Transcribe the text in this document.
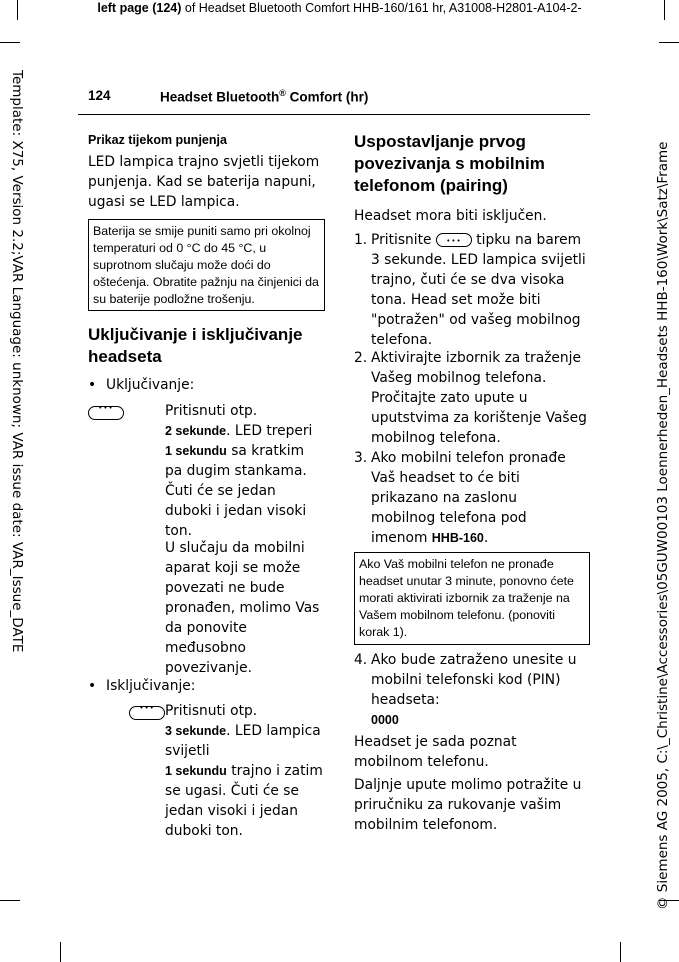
left page (124) of Headset Bluetooth Comfort HHB-160/161 hr, A31008-H2801-A104-2-
Template: X75, Version 2.2;VAR Language: unknown; VAR issue date: VAR_Issue_DATE	© Siemens AG 2005, C:\_Christine\Accessories\05GUW00103 Loennerheden_Headsets HHB-160\Work\Satz\Frame
124	Headset Bluetooth® Comfort (hr)
Prikaz tijekom punjenja
LED lampica trajno svjetli tijekom punjenja. Kad se baterija napuni, ugasi se LED lampica.
Baterija se smije puniti samo pri okolnoj temperaturi od 0 °C do 45 °C, u suprotnom slučaju može doći do oštećenja. Obratite pažnju na činjenici da su baterije podložne trošenju.
Uključivanje i isključivanje headseta
• Uključivanje:
•••
Pritisnuti otp.
2 sekunde. LED treperi
1 sekundu sa kratkim pa dugim stankama. Čuti će se jedan duboki i jedan visoki ton.
U slučaju da mobilni aparat koji se može povezati ne bude pronađen, molimo Vas da ponovite međusobno povezivanje.
• Isključivanje:
•••
Pritisnuti otp.
3 sekunde. LED lampica svijetli
1 sekundu trajno i zatim se ugasi. Čuti će se jedan visoki i jedan duboki ton.
Uspostavljanje prvog povezivanja s mobilnim telefonom (pairing)
Headset mora biti isključen.
1. Pritisnite •••	tipku na barem 3 sekunde. LED lampica svijetli trajno, čuti će se dva visoka tona. Head set može biti "potražen" od vašeg mobilnog telefona.
2. Aktivirajte izbornik za traženje Vašeg mobilnog telefona. Pročitajte zato upute u uputstvima za korištenje Vašeg mobilnog telefona.
3. Ako mobilni telefon pronađe Vaš headset to će biti prikazano na zaslonu mobilnog telefona pod imenom HHB-160.
Ako Vaš mobilni telefon ne pronađe headset unutar 3 minute, ponovno ćete morati aktivirati izbornik za traženje na Vašem mobilnom telefonu. (ponoviti korak 1).
4. Ako bude zatraženo unesite u mobilni telefonski kod (PIN) headseta:
0000
Headset je sada poznat mobilnom telefonu.
Daljnje upute molimo potražite u priručniku za rukovanje vašim mobilnim telefonom.
